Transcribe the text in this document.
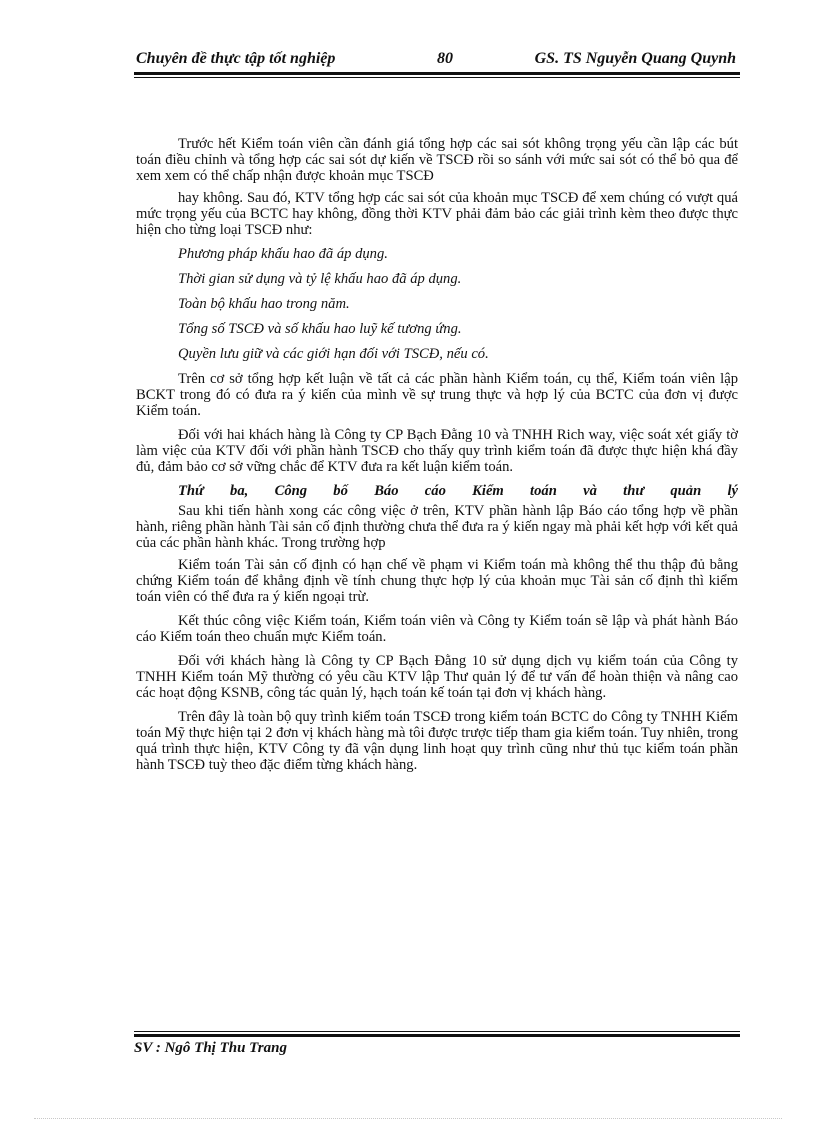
Chuyên đề thực tập tốt nghiệp	80	GS. TS Nguyễn Quang Quynh

Trước hết Kiểm toán viên cần đánh giá tổng hợp các sai sót không trọng yếu cần lập các bút toán điều chỉnh và tổng hợp các sai sót dự kiến về TSCĐ rồi so sánh với mức sai sót có thể bỏ qua để xem xem có thể chấp nhận được khoản mục TSCĐ

hay không. Sau đó, KTV tổng hợp các sai sót của khoản mục TSCĐ để xem chúng có vượt quá mức trọng yếu của BCTC hay không, đồng thời KTV phải đảm bảo các giải trình kèm theo được thực hiện cho từng loại TSCĐ như:

Phương pháp khấu hao đã áp dụng.
Thời gian sử dụng và tỷ lệ khấu hao đã áp dụng.
Toàn bộ khấu hao trong năm.
Tổng số TSCĐ và số khấu hao luỹ kế tương ứng.
Quyền lưu giữ và các giới hạn đối với TSCĐ, nếu có.

Trên cơ sở tổng hợp kết luận về tất cả các phần hành Kiểm toán, cụ thể, Kiểm toán viên lập BCKT trong đó có đưa ra ý kiến của mình về sự trung thực và hợp lý của BCTC của đơn vị được Kiểm toán.

Đối với hai khách hàng là Công ty CP Bạch Đằng 10 và TNHH Rich way, việc soát xét giấy tờ làm việc của KTV đối với phần hành TSCĐ cho thấy quy trình kiểm toán đã được thực hiện khá đầy đủ, đảm bảo cơ sở vững chắc để KTV đưa ra kết luận kiểm toán.

Thứ ba, Công bố Báo cáo Kiểm toán và thư quản lý

Sau khi tiến hành xong các công việc ở trên, KTV phần hành lập Báo cáo tổng hợp về phần hành, riêng phần hành Tài sản cố định thường chưa thể đưa ra ý kiến ngay mà phải kết hợp với kết quả của các phần hành khác. Trong trường hợp

Kiểm toán Tài sản cố định có hạn chế về phạm vi Kiểm toán mà không thể thu thập đủ bằng chứng Kiểm toán để khẳng định về tính chung thực hợp lý của khoản mục Tài sản cố định thì kiểm toán viên có thể đưa ra ý kiến ngoại trừ.

Kết thúc công việc Kiểm toán, Kiểm toán viên và Công ty Kiểm toán sẽ lập và phát hành Báo cáo Kiểm toán theo chuẩn mực Kiểm toán.

Đối với khách hàng là Công ty CP Bạch Đằng 10 sử dụng dịch vụ kiểm toán của Công ty TNHH Kiểm toán Mỹ thường có yêu cầu KTV lập Thư quản lý để tư vấn để hoàn thiện và nâng cao các hoạt động KSNB, công tác quản lý, hạch toán kế toán tại đơn vị khách hàng.

Trên đây là toàn bộ quy trình kiểm toán TSCĐ trong kiểm toán BCTC do Công ty TNHH Kiểm toán Mỹ thực hiện tại 2 đơn vị khách hàng mà tôi được trược tiếp tham gia kiểm toán. Tuy nhiên, trong quá trình thực hiện, KTV Công ty đã vận dụng linh hoạt quy trình cũng như thủ tục kiểm toán phần hành TSCĐ tuỳ theo đặc điểm từng khách hàng.

SV : Ngô Thị Thu Trang
